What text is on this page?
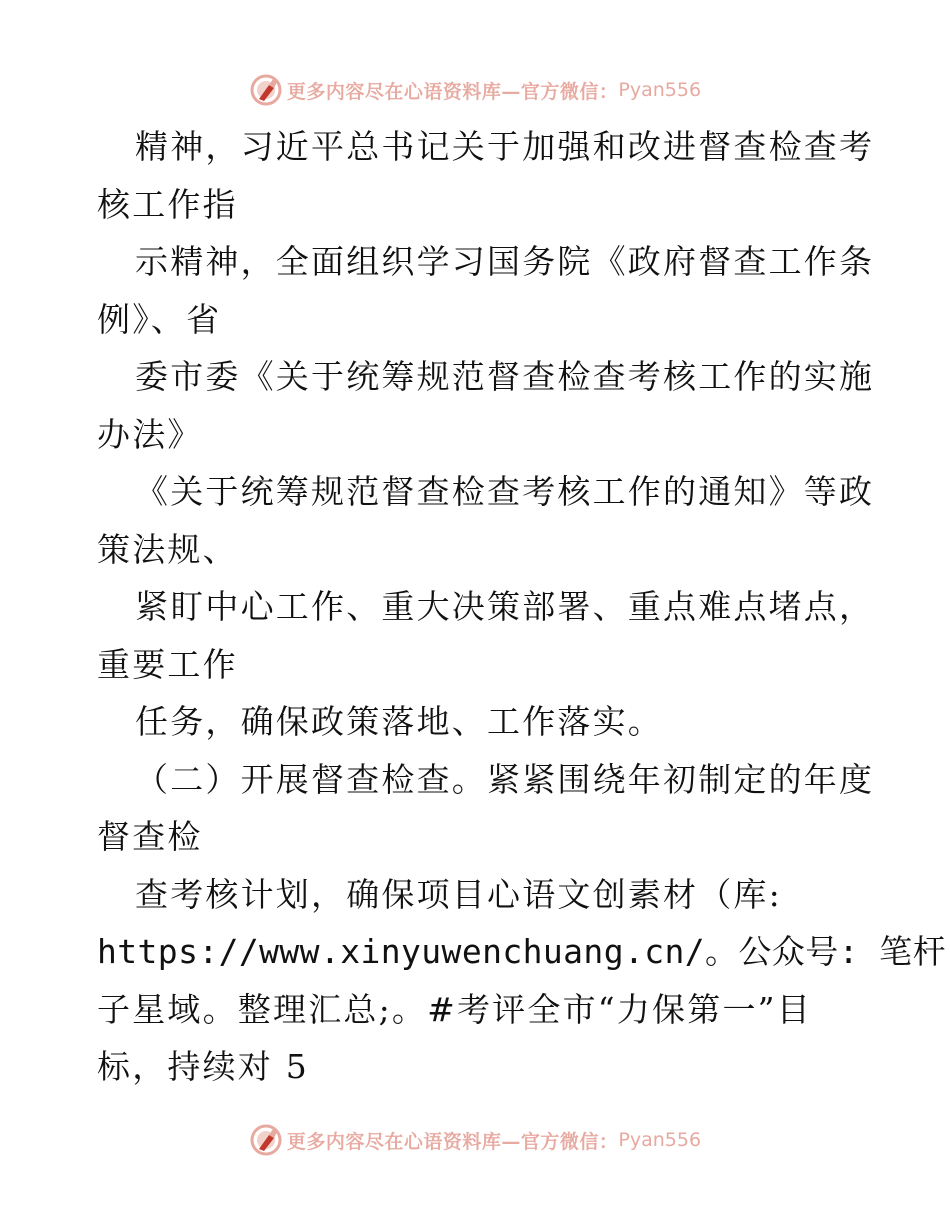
更多内容尽在心语资料库—官方微信： Pyan556
精神，习近平总书记关于加强和改进督查检查考
核工作指
示精神，全面组织学习国务院《政府督查工作条
例》、省
委市委《关于统筹规范督查检查考核工作的实施
办法》
《关于统筹规范督查检查考核工作的通知》等政
策法规、
紧盯中心工作、重大决策部署、重点难点堵点，
重要工作
任务，确保政策落地、工作落实。
（二）开展督查检查。紧紧围绕年初制定的年度
督查检
查考核计划，确保项目心语文创素材（库:
https://www.xinyuwenchuang.cn/。公众号: 笔杆
子星域。整理汇总;。#考评全市“力保第一”目
标，持续对 5
更多内容尽在心语资料库—官方微信： Pyan556
